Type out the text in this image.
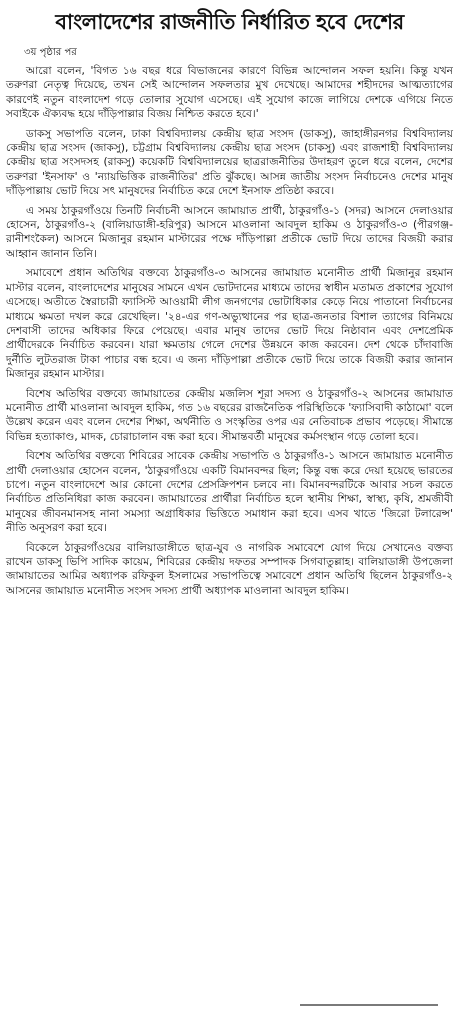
বাংলাদেশের রাজনীতি নির্ধারিত হবে দেশের
৩য় পৃষ্ঠার পর

আরো বলেন, 'বিগত ১৬ বছর ধরে বিভাজনের কারণে বিভিন্ন আন্দোলন সফল হয়নি। কিন্তু যখন তরুণরা নেতৃত্ব দিয়েছে, তখন সেই আন্দোলন সফলতার মুখ দেখেছে। আমাদের শহীদদের আত্মত্যাগের কারণেই নতুন বাংলাদেশ গড়ে তোলার সুযোগ এসেছে। এই সুযোগ কাজে লাগিয়ে দেশকে এগিয়ে নিতে সবাইকে ঐক্যবদ্ধ হয়ে দাঁড়িপাল্লার বিজয় নিশ্চিত করতে হবে।'

ডাকসু সভাপতি বলেন, ঢাকা বিশ্ববিদ্যালয় কেন্দ্রীয় ছাত্র সংসদ (ডাকসু), জাহাঙ্গীরনগর বিশ্ববিদ্যালয় কেন্দ্রীয় ছাত্র সংসদ (জাকসু), চট্টগ্রাম বিশ্ববিদ্যালয় কেন্দ্রীয় ছাত্র সংসদ (চাকসু) এবং রাজশাহী বিশ্ববিদ্যালয় কেন্দ্রীয় ছাত্র সংসদসহ (রাকসু) কয়েকটি বিশ্ববিদ্যালয়ের ছাত্ররাজনীতির উদাহরণ তুলে ধরে বলেন, দেশের তরুণরা 'ইনসাফ' ও 'ন্যায়ভিত্তিক রাজনীতির' প্রতি ঝুঁকছে। আসন্ন জাতীয় সংসদ নির্বাচনেও দেশের মানুষ দাঁড়িপাল্লায় ভোট দিয়ে সৎ মানুষদের নির্বাচিত করে দেশে ইনসাফ প্রতিষ্ঠা করবে।

এ সময় ঠাকুরগাঁওয়ে তিনটি নির্বাচনী আসনে জামায়াত প্রার্থী, ঠাকুরগাঁও-১ (সদর) আসনে দেলাওয়ার হোসেন, ঠাকুরগাঁও-২ (বালিয়াডাঙ্গী-হরিপুর) আসনে মাওলানা আবদুল হাকিম ও ঠাকুরগাঁও-৩ (পীরগঞ্জ-রানীশংকৈল) আসনে মিজানুর রহমান মাস্টারের পক্ষে দাঁড়িপাল্লা প্রতীকে ভোট দিয়ে তাদের বিজয়ী করার আহ্বান জানান তিনি।

সমাবেশে প্রধান অতিথির বক্তব্যে ঠাকুরগাঁও-৩ আসনের জামায়াত মনোনীত প্রার্থী মিজানুর রহমান মাস্টার বলেন, বাংলাদেশের মানুষের সামনে এখন ভোটদানের মাধ্যমে তাদের স্বাধীন মতামত প্রকাশের সুযোগ এসেছে। অতীতে স্বৈরাচারী ফ্যাসিস্ট আওয়ামী লীগ জনগণের ভোটাধিকার কেড়ে নিয়ে পাতানো নির্বাচনের মাধ্যমে ক্ষমতা দখল করে রেখেছিল। '২৪-এর গণ-অভ্যুত্থানের পর ছাত্র-জনতার বিশাল ত্যাগের বিনিময়ে দেশবাসী তাদের অধিকার ফিরে পেয়েছে। এবার মানুষ তাদের ভোট দিয়ে নিষ্ঠাবান এবং দেশপ্রেমিক প্রার্থীদেরকে নির্বাচিত করবেন। যারা ক্ষমতায় গেলে দেশের উন্নয়নে কাজ করবেন। দেশ থেকে চাঁদাবাজি দুর্নীতি লুটতরাজ টাকা পাচার বন্ধ হবে। এ জন্য দাঁড়িপাল্লা প্রতীকে ভোট দিয়ে তাকে বিজয়ী করার জানান মিজানুর রহমান মাস্টার।

বিশেষ অতিথির বক্তব্যে জামায়াতের কেন্দ্রীয় মজলিস শূরা সদস্য ও ঠাকুরগাঁও-২ আসনের জামায়াত মনোনীত প্রার্থী মাওলানা আবদুল হাকিম, গত ১৬ বছরের রাজনৈতিক পরিস্থিতিকে 'ফ্যাসিবাদী কাঠামো' বলে উল্লেখ করেন এবং বলেন দেশের শিক্ষা, অর্থনীতি ও সংস্কৃতির ওপর এর নেতিবাচক প্রভাব পড়েছে। সীমান্তে বিভিন্ন হত্যাকাণ্ড, মাদক, চোরাচালান বন্ধ করা হবে। সীমান্তবর্তী মানুষের কর্মসংস্থান গড়ে তোলা হবে।

বিশেষ অতিথির বক্তব্যে শিবিরের সাবেক কেন্দ্রীয় সভাপতি ও ঠাকুরগাঁও-১ আসনে জামায়াত মনোনীত প্রার্থী দেলাওয়ার হোসেন বলেন, 'ঠাকুরগাঁওয়ে একটি বিমানবন্দর ছিল; কিন্তু বন্ধ করে দেয়া হয়েছে ভারতের চাপে। নতুন বাংলাদেশে আর কোনো দেশের প্রেসক্রিপশন চলবে না। বিমানবন্দরটিকে আবার সচল করতে নির্বাচিত প্রতিনিধিরা কাজ করবেন। জামায়াতের প্রার্থীরা নির্বাচিত হলে স্থানীয় শিক্ষা, স্বাস্থ্য, কৃষি, শ্রমজীবী মানুষের জীবনমানসহ নানা সমস্যা অগ্রাধিকার ভিত্তিতে সমাধান করা হবে। এসব খাতে 'জিরো টলারেন্স' নীতি অনুসরণ করা হবে।

বিকেলে ঠাকুরগাঁওয়ের বালিয়াডাঙ্গীতে ছাত্র-যুব ও নাগরিক সমাবেশে যোগ দিয়ে সেখানেও বক্তব্য রাখেন ডাকসু ভিপি সাদিক কায়েম, শিবিরের কেন্দ্রীয় দফতর সম্পাদক সিগবাতুল্লাহ। বালিয়াডাঙ্গী উপজেলা জামায়াতের আমির অধ্যাপক রফিকুল ইসলামের সভাপতিত্বে সমাবেশে প্রধান অতিথি ছিলেন ঠাকুরগাঁও-২ আসনের জামায়াত মনোনীত সংসদ সদস্য প্রার্থী অধ্যাপক মাওলানা আবদুল হাকিম।
